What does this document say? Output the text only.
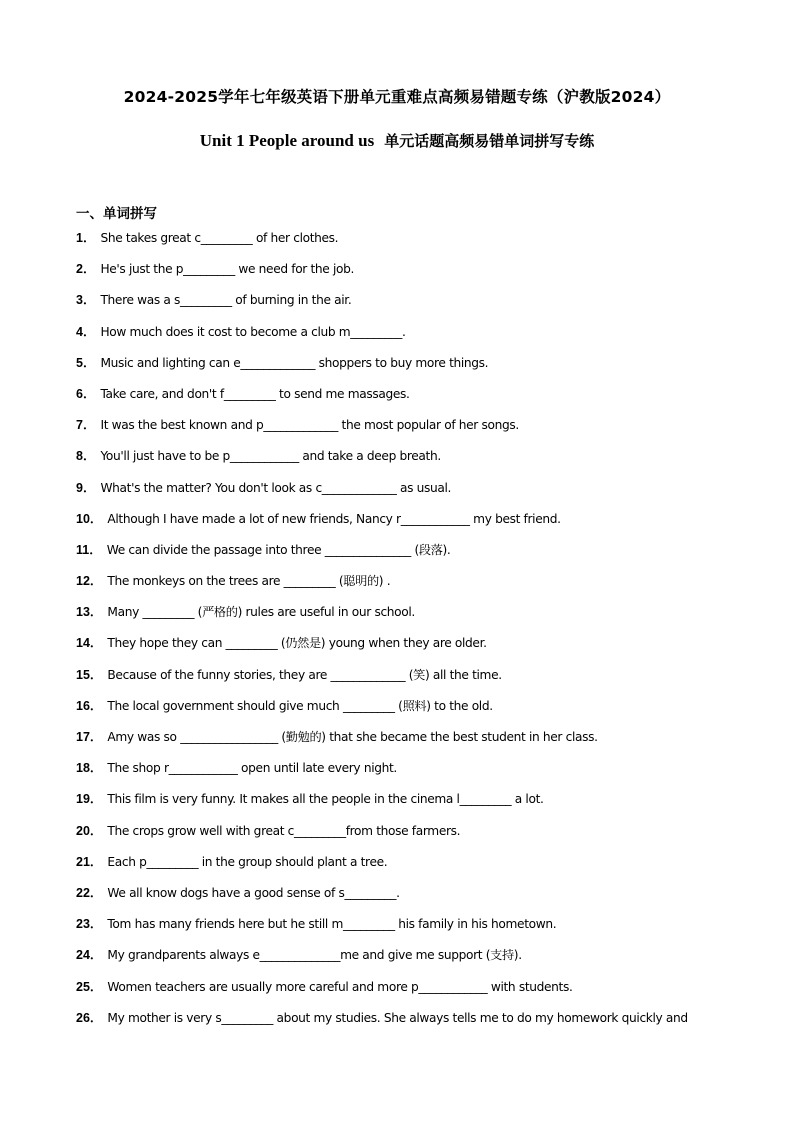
2024-2025学年七年级英语下册单元重难点高频易错题专练（沪教版2024）
Unit 1 People around us 单元话题高频易错单词拼写专练
一、单词拼写
1． She takes great c_________ of her clothes.
2． He's just the p_________ we need for the job.
3． There was a s_________ of burning in the air.
4． How much does it cost to become a club m_________.
5． Music and lighting can e_____________ shoppers to buy more things.
6． Take care, and don't f_________ to send me massages.
7． It was the best known and p_____________ the most popular of her songs.
8． You'll just have to be p____________ and take a deep breath.
9． What's the matter? You don't look as c_____________ as usual.
10． Although I have made a lot of new friends, Nancy r____________ my best friend.
11． We can divide the passage into three _______________ (段落).
12． The monkeys on the trees are _________ (聪明的) .
13． Many _________ (严格的) rules are useful in our school.
14． They hope they can _________ (仍然是) young when they are older.
15． Because of the funny stories, they are _____________ (笑) all the time.
16． The local government should give much _________ (照料) to the old.
17． Amy was so _________________ (勤勉的) that she became the best student in her class.
18． The shop r____________ open until late every night.
19． This film is very funny. It makes all the people in the cinema l_________ a lot.
20． The crops grow well with great c_________from those farmers.
21． Each p_________ in the group should plant a tree.
22． We all know dogs have a good sense of s_________.
23． Tom has many friends here but he still m_________ his family in his hometown.
24． My grandparents always e______________me and give me support (支持).
25． Women teachers are usually more careful and more p____________ with students.
26． My mother is very s_________ about my studies. She always tells me to do my homework quickly and
